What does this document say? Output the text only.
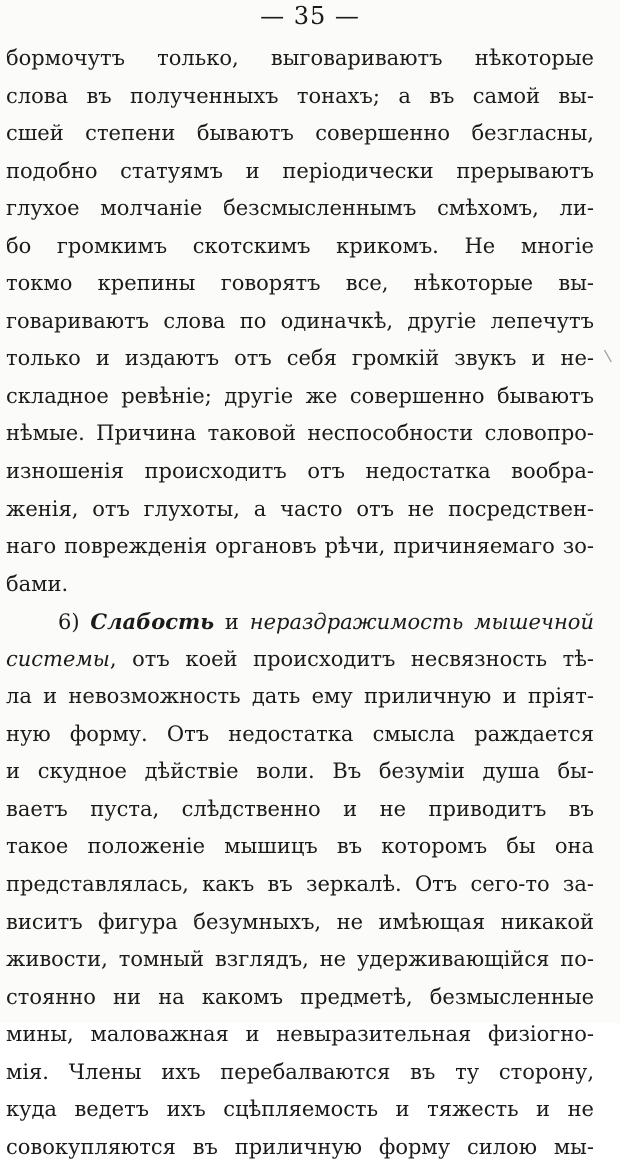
— 35 —
бормочутъ только, выговариваютъ нѣкоторые
слова въ полученныхъ тонахъ; а въ самой вы-
сшей степени бываютъ совершенно безгласны,
подобно статуямъ и періодически прерываютъ
глухое молчаніе безсмысленнымъ смѣхомъ, ли-
бо громкимъ скотскимъ крикомъ. Не многіе
токмо крепины говорятъ все, нѣкоторые вы-
говариваютъ слова по одиначкѣ, другіе лепечутъ
только и издаютъ отъ себя громкій звукъ и не-
складное ревѣніе; другіе же совершенно бываютъ
нѣмые. Причина таковой неспособности словопро-
изношенія происходитъ отъ недостатка вообра-
женія, отъ глухоты, а часто отъ не посредствен-
наго поврежденія органовъ рѣчи, причиняемаго зо-
бами.
6) Слабость и нераздражимость мышечной
системы, отъ коей происходитъ несвязность тѣ-
ла и невозможность дать ему приличную и пріят-
ную форму. Отъ недостатка смысла раждается
и скудное дѣйствіе воли. Въ безуміи душа бы-
ваетъ пуста, слѣдственно и не приводитъ въ
такое положеніе мышицъ въ которомъ бы она
представлялась, какъ въ зеркалѣ. Отъ сего-то за-
виситъ фигура безумныхъ, не имѣющая никакой
живости, томный взглядъ, не удерживающійся по-
стоянно ни на какомъ предметѣ, безмысленные
мины, маловажная и невыразительная физіогно-
мія. Члены ихъ перебалваются въ ту сторону,
куда ведетъ ихъ сцѣпляемость и тяжесть и не
совокупляются въ приличную форму силою мы-
\
